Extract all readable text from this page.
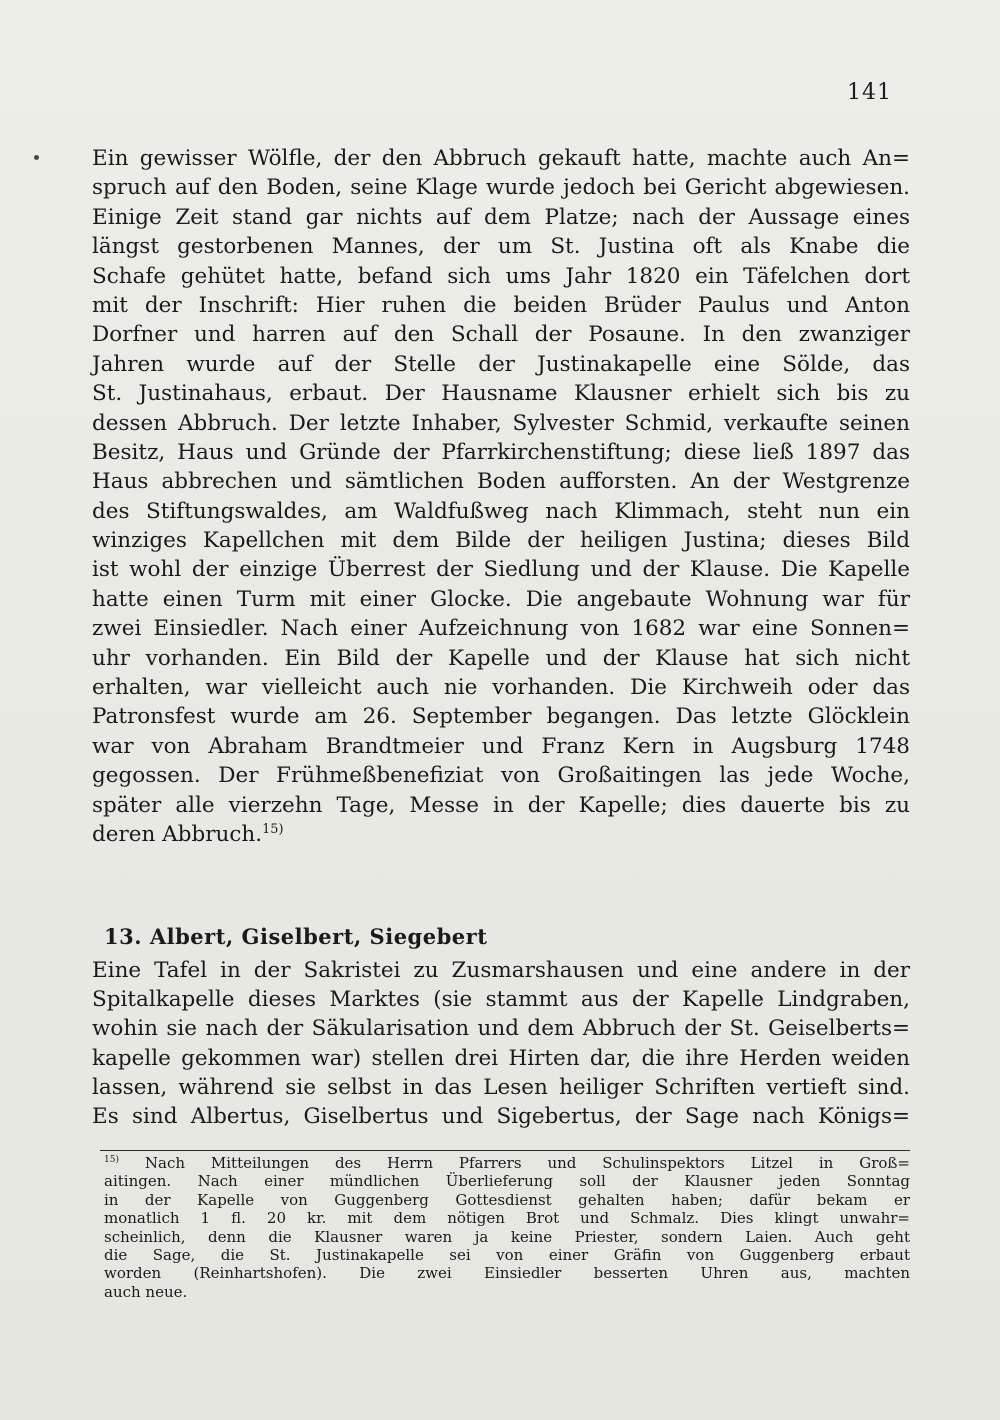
141
Ein gewisser Wölfle, der den Abbruch gekauft hatte, machte auch An=
spruch auf den Boden, seine Klage wurde jedoch bei Gericht abgewiesen.
Einige Zeit stand gar nichts auf dem Platze; nach der Aussage eines
längst gestorbenen Mannes, der um St. Justina oft als Knabe die
Schafe gehütet hatte, befand sich ums Jahr 1820 ein Täfelchen dort
mit der Inschrift: Hier ruhen die beiden Brüder Paulus und Anton
Dorfner und harren auf den Schall der Posaune. In den zwanziger
Jahren wurde auf der Stelle der Justinakapelle eine Sölde, das
St. Justinahaus, erbaut. Der Hausname Klausner erhielt sich bis zu
dessen Abbruch. Der letzte Inhaber, Sylvester Schmid, verkaufte seinen
Besitz, Haus und Gründe der Pfarrkirchenstiftung; diese ließ 1897 das
Haus abbrechen und sämtlichen Boden aufforsten. An der Westgrenze
des Stiftungswaldes, am Waldfußweg nach Klimmach, steht nun ein
winziges Kapellchen mit dem Bilde der heiligen Justina; dieses Bild
ist wohl der einzige Überrest der Siedlung und der Klause. Die Kapelle
hatte einen Turm mit einer Glocke. Die angebaute Wohnung war für
zwei Einsiedler. Nach einer Aufzeichnung von 1682 war eine Sonnen=
uhr vorhanden. Ein Bild der Kapelle und der Klause hat sich nicht
erhalten, war vielleicht auch nie vorhanden. Die Kirchweih oder das
Patronsfest wurde am 26. September begangen. Das letzte Glöcklein
war von Abraham Brandtmeier und Franz Kern in Augsburg 1748
gegossen. Der Frühmeßbenefiziat von Großaitingen las jede Woche,
später alle vierzehn Tage, Messe in der Kapelle; dies dauerte bis zu
deren Abbruch.$^{15)}$
13. Albert, Giselbert, Siegebert
Eine Tafel in der Sakristei zu Zusmarshausen und eine andere in der
Spitalkapelle dieses Marktes (sie stammt aus der Kapelle Lindgraben,
wohin sie nach der Säkularisation und dem Abbruch der St. Geiselberts=
kapelle gekommen war) stellen drei Hirten dar, die ihre Herden weiden
lassen, während sie selbst in das Lesen heiliger Schriften vertieft sind.
Es sind Albertus, Giselbertus und Sigebertus, der Sage nach Königs=
$^{15)}$ Nach Mitteilungen des Herrn Pfarrers und Schulinspektors Litzel in Groß=
aitingen. Nach einer mündlichen Überlieferung soll der Klausner jeden Sonntag
in der Kapelle von Guggenberg Gottesdienst gehalten haben; dafür bekam er
monatlich 1 fl. 20 kr. mit dem nötigen Brot und Schmalz. Dies klingt unwahr=
scheinlich, denn die Klausner waren ja keine Priester, sondern Laien. Auch geht
die Sage, die St. Justinakapelle sei von einer Gräfin von Guggenberg erbaut
worden (Reinhartshofen). Die zwei Einsiedler besserten Uhren aus, machten
auch neue.
